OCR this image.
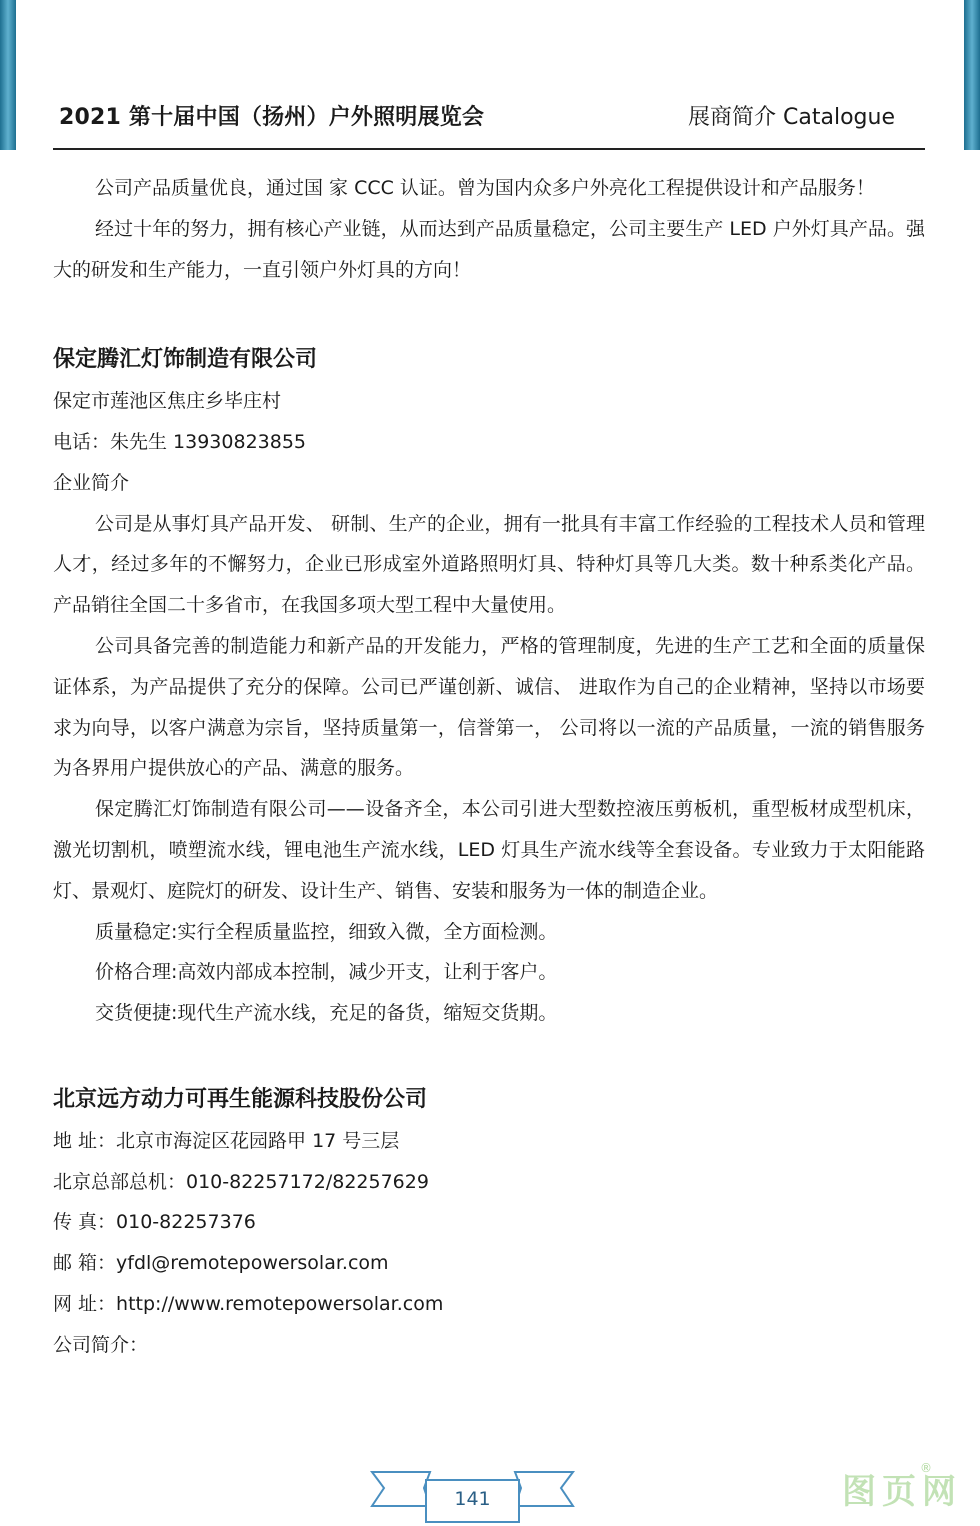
2021 第十届中国（扬州）户外照明展览会	展商简介 Catalogue

公司产品质量优良，通过国 家 CCC 认证。曾为国内众多户外亮化工程提供设计和产品服务！

经过十年的努力，拥有核心产业链，从而达到产品质量稳定，公司主要生产 LED 户外灯具产品。强大的研发和生产能力，一直引领户外灯具的方向！

保定腾汇灯饰制造有限公司

保定市莲池区焦庄乡毕庄村

电话：朱先生 13930823855

企业简介

公司是从事灯具产品开发、 研制、生产的企业，拥有一批具有丰富工作经验的工程技术人员和管理人才，经过多年的不懈努力，企业已形成室外道路照明灯具、特种灯具等几大类。数十种系类化产品。产品销往全国二十多省市，在我国多项大型工程中大量使用。

公司具备完善的制造能力和新产品的开发能力，严格的管理制度，先进的生产工艺和全面的质量保证体系，为产品提供了充分的保障。公司已严谨创新、诚信、 进取作为自己的企业精神，坚持以市场要求为向导，以客户满意为宗旨，坚持质量第一，信誉第一， 公司将以一流的产品质量，一流的销售服务为各界用户提供放心的产品、满意的服务。

保定腾汇灯饰制造有限公司——设备齐全，本公司引进大型数控液压剪板机，重型板材成型机床，激光切割机，喷塑流水线，锂电池生产流水线，LED 灯具生产流水线等全套设备。专业致力于太阳能路灯、景观灯、庭院灯的研发、设计生产、销售、安装和服务为一体的制造企业。

质量稳定:实行全程质量监控，细致入微，全方面检测。

价格合理:高效内部成本控制，减少开支，让利于客户。

交货便捷:现代生产流水线，充足的备货，缩短交货期。

北京远方动力可再生能源科技股份公司

地 址：北京市海淀区花园路甲 17 号三层

北京总部总机：010-82257172/82257629

传 真：010-82257376

邮 箱：yfdl@remotepowersolar.com

网 址：http://www.remotepowersolar.com

公司简介：

141	图页网
®
